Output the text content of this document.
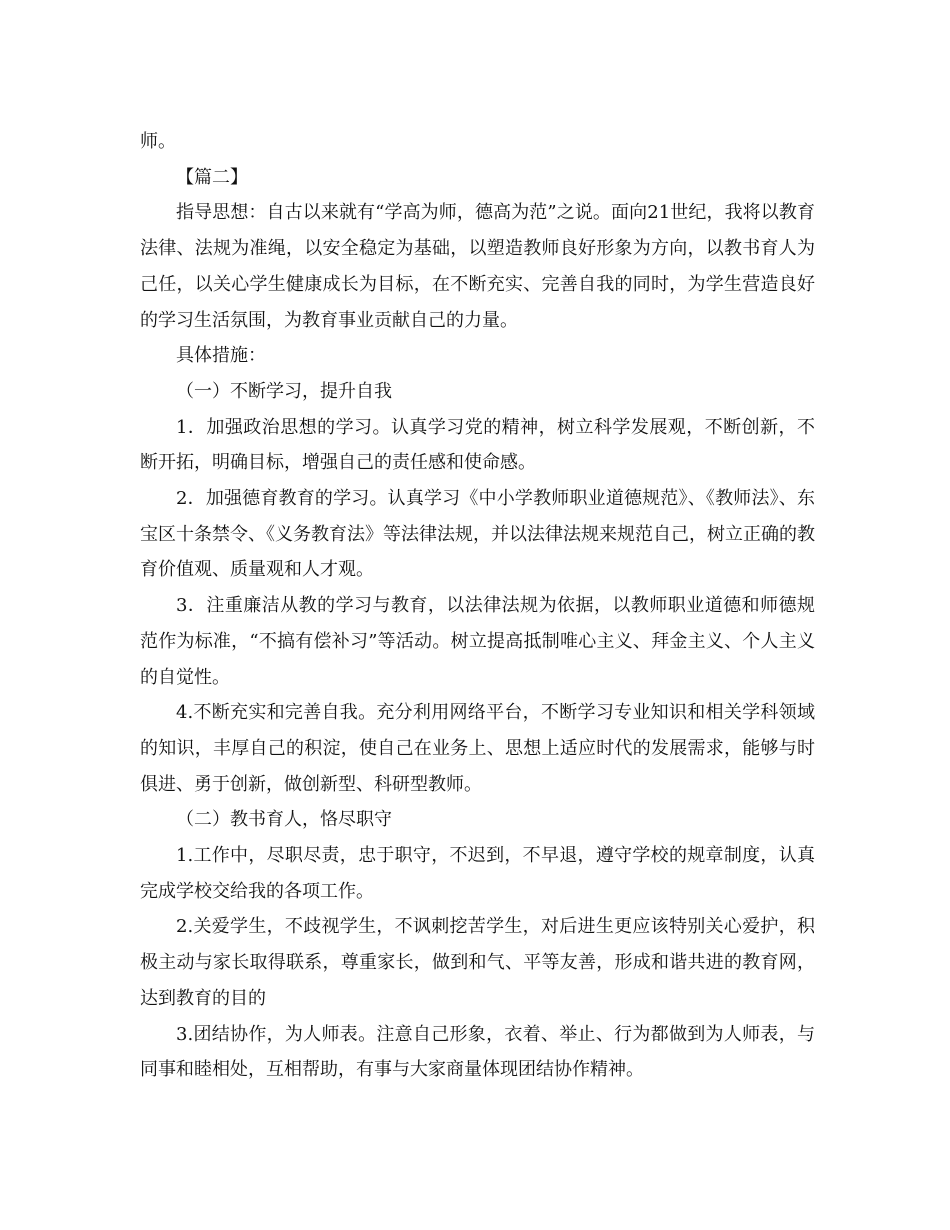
师。

【篇二】

指导思想：自古以来就有“学高为师，德高为范”之说。面向21世纪，我将以教育法律、法规为准绳，以安全稳定为基础，以塑造教师良好形象为方向，以教书育人为己任，以关心学生健康成长为目标，在不断充实、完善自我的同时，为学生营造良好的学习生活氛围，为教育事业贡献自己的力量。

具体措施：

（一）不断学习，提升自我

1．加强政治思想的学习。认真学习党的精神，树立科学发展观，不断创新，不断开拓，明确目标，增强自己的责任感和使命感。

2．加强德育教育的学习。认真学习《中小学教师职业道德规范》、《教师法》、东宝区十条禁令、《义务教育法》等法律法规，并以法律法规来规范自己，树立正确的教育价值观、质量观和人才观。

3．注重廉洁从教的学习与教育，以法律法规为依据，以教师职业道德和师德规范作为标准，“不搞有偿补习”等活动。树立提高抵制唯心主义、拜金主义、个人主义的自觉性。

4.不断充实和完善自我。充分利用网络平台，不断学习专业知识和相关学科领域的知识，丰厚自己的积淀，使自己在业务上、思想上适应时代的发展需求，能够与时俱进、勇于创新，做创新型、科研型教师。

（二）教书育人，恪尽职守

1.工作中，尽职尽责，忠于职守，不迟到，不早退，遵守学校的规章制度，认真完成学校交给我的各项工作。

2.关爱学生，不歧视学生，不讽刺挖苦学生，对后进生更应该特别关心爱护，积极主动与家长取得联系，尊重家长，做到和气、平等友善，形成和谐共进的教育网，达到教育的目的

3.团结协作，为人师表。注意自己形象，衣着、举止、行为都做到为人师表，与同事和睦相处，互相帮助，有事与大家商量体现团结协作精神。
